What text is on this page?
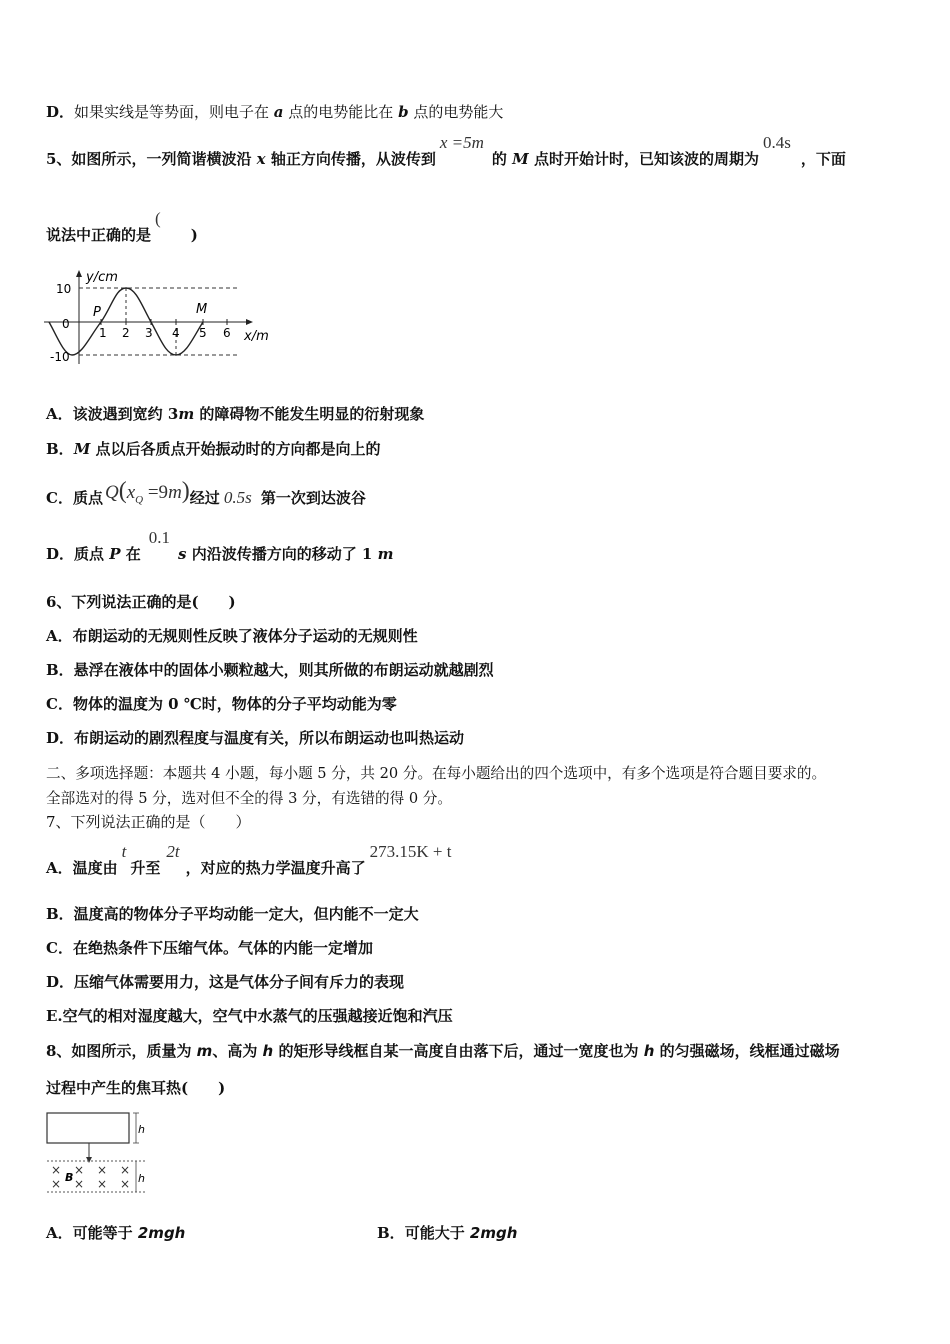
D．如果实线是等势面，则电子在 a 点的电势能比在 b 点的电势能大
5、如图所示，一列简谐横波沿 x 轴正方向传播，从波传到x =5m的 M 点时开始计时，已知该波的周期为0.4s，下面
说法中正确的是()
y/cm
x/m
10
0
-10
P	M
1 2 3 4 5 6
A．该波遇到宽约 3m 的障碍物不能发生明显的衍射现象
B．M 点以后各质点开始振动时的方向都是向上的
C．质点 $Q(x_Q =9m)$经过 0.5s 第一次到达波谷
D．质点 P 在0.1s 内沿波传播方向的移动了 1 m
6、下列说法正确的是(　　)
A．布朗运动的无规则性反映了液体分子运动的无规则性
B．悬浮在液体中的固体小颗粒越大，则其所做的布朗运动就越剧烈
C．物体的温度为 0 ℃时，物体的分子平均动能为零
D．布朗运动的剧烈程度与温度有关，所以布朗运动也叫热运动
二、多项选择题：本题共 4 小题，每小题 5 分，共 20 分。在每小题给出的四个选项中，有多个选项是符合题目要求的。
全部选对的得 5 分，选对但不全的得 3 分，有选错的得 0 分。
7、下列说法正确的是（　　）
A．温度由t升至2t，对应的热力学温度升高了273.15K + t
B．温度高的物体分子平均动能一定大，但内能不一定大
C．在绝热条件下压缩气体。气体的内能一定增加
D．压缩气体需要用力，这是气体分子间有斥力的表现
E.空气的相对湿度越大，空气中水蒸气的压强越接近饱和汽压
8、如图所示，质量为 m、高为 h 的矩形导线框自某一高度自由落下后，通过一宽度也为 h 的匀强磁场，线框通过磁场
过程中产生的焦耳热(　　)
h
× × × ×
× × × ×
B	h
A．可能等于 2mgh	B．可能大于 2mgh
